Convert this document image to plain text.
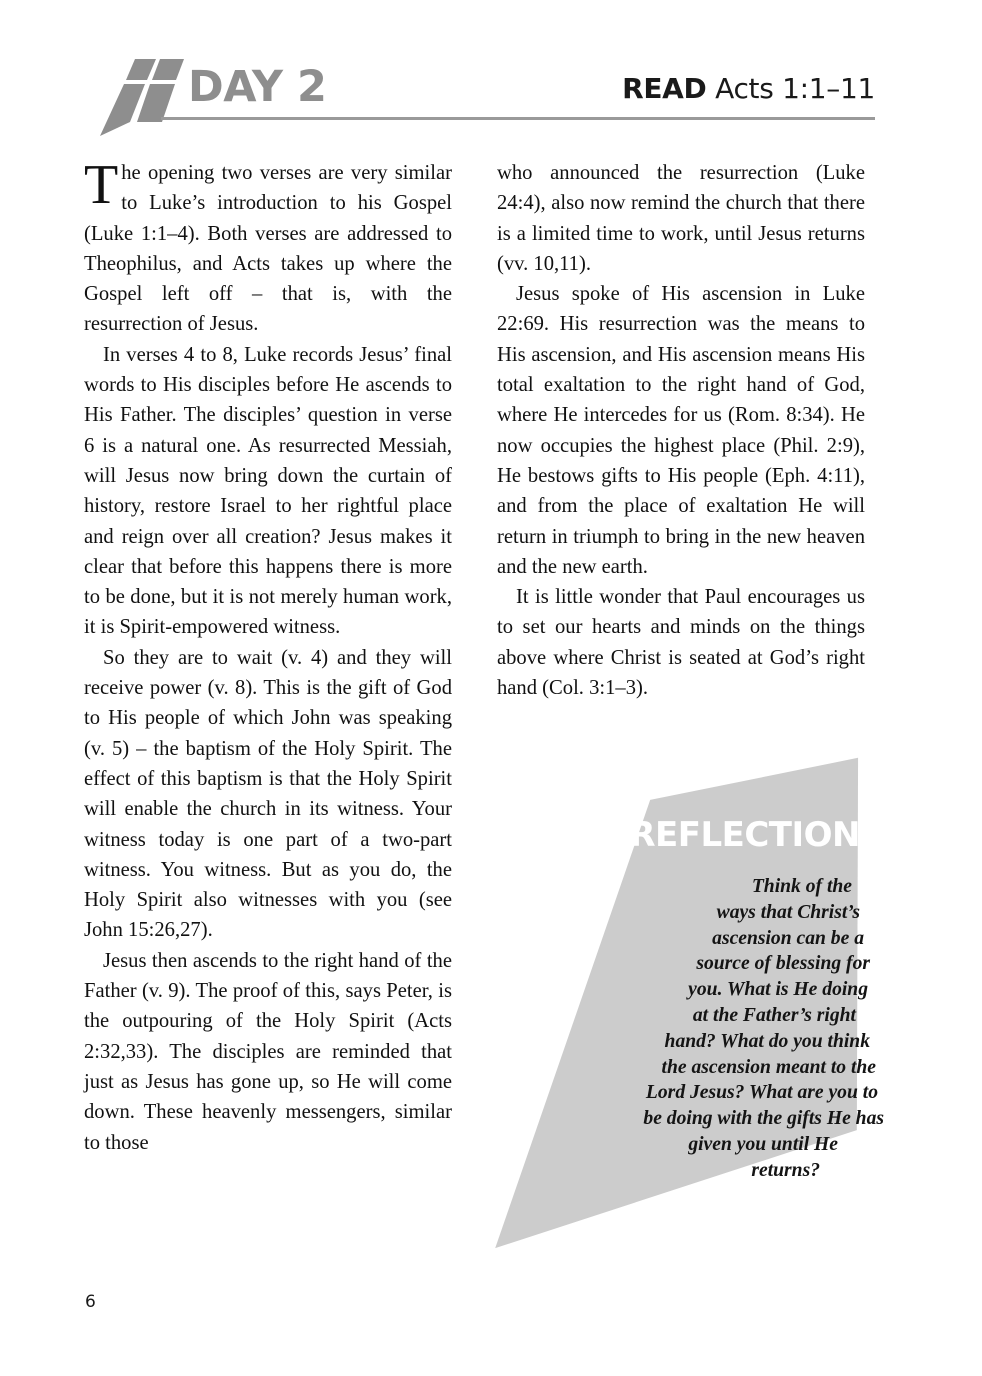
DAY 2	READ Acts 1:1–11

The opening two verses are very similar to Luke’s introduction to his Gospel (Luke 1:1–4). Both verses are addressed to Theophilus, and Acts takes up where the Gospel left off – that is, with the resurrection of Jesus.

In verses 4 to 8, Luke records Jesus’ final words to His disciples before He ascends to His Father. The disciples’ question in verse 6 is a natural one. As resurrected Messiah, will Jesus now bring down the curtain of history, restore Israel to her rightful place and reign over all creation? Jesus makes it clear that before this happens there is more to be done, but it is not merely human work, it is Spirit-empowered witness.

So they are to wait (v. 4) and they will receive power (v. 8). This is the gift of God to His people of which John was speaking (v. 5) – the baptism of the Holy Spirit. The effect of this baptism is that the Holy Spirit will enable the church in its witness. Your witness today is one part of a two-part witness. You witness. But as you do, the Holy Spirit also witnesses with you (see John 15:26,27).

Jesus then ascends to the right hand of the Father (v. 9). The proof of this, says Peter, is the outpouring of the Holy Spirit (Acts 2:32,33). The disciples are reminded that just as Jesus has gone up, so He will come down. These heavenly messengers, similar to those

who announced the resurrection (Luke 24:4), also now remind the church that there is a limited time to work, until Jesus returns (vv. 10,11).

Jesus spoke of His ascension in Luke 22:69. His resurrection was the means to His ascension, and His ascension means His total exaltation to the right hand of God, where He intercedes for us (Rom. 8:34). He now occupies the highest place (Phil. 2:9), He bestows gifts to His people (Eph. 4:11), and from the place of exaltation He will return in triumph to bring in the new heaven and the new earth.

It is little wonder that Paul encourages us to set our hearts and minds on the things above where Christ is seated at God’s right hand (Col. 3:1–3).

REFLECTION
Think of the
ways that Christ’s
ascension can be a
source of blessing for
you. What is He doing
at the Father’s right
hand? What do you think
the ascension meant to the
Lord Jesus? What are you to
be doing with the gifts He has
given you until He
returns?
6
